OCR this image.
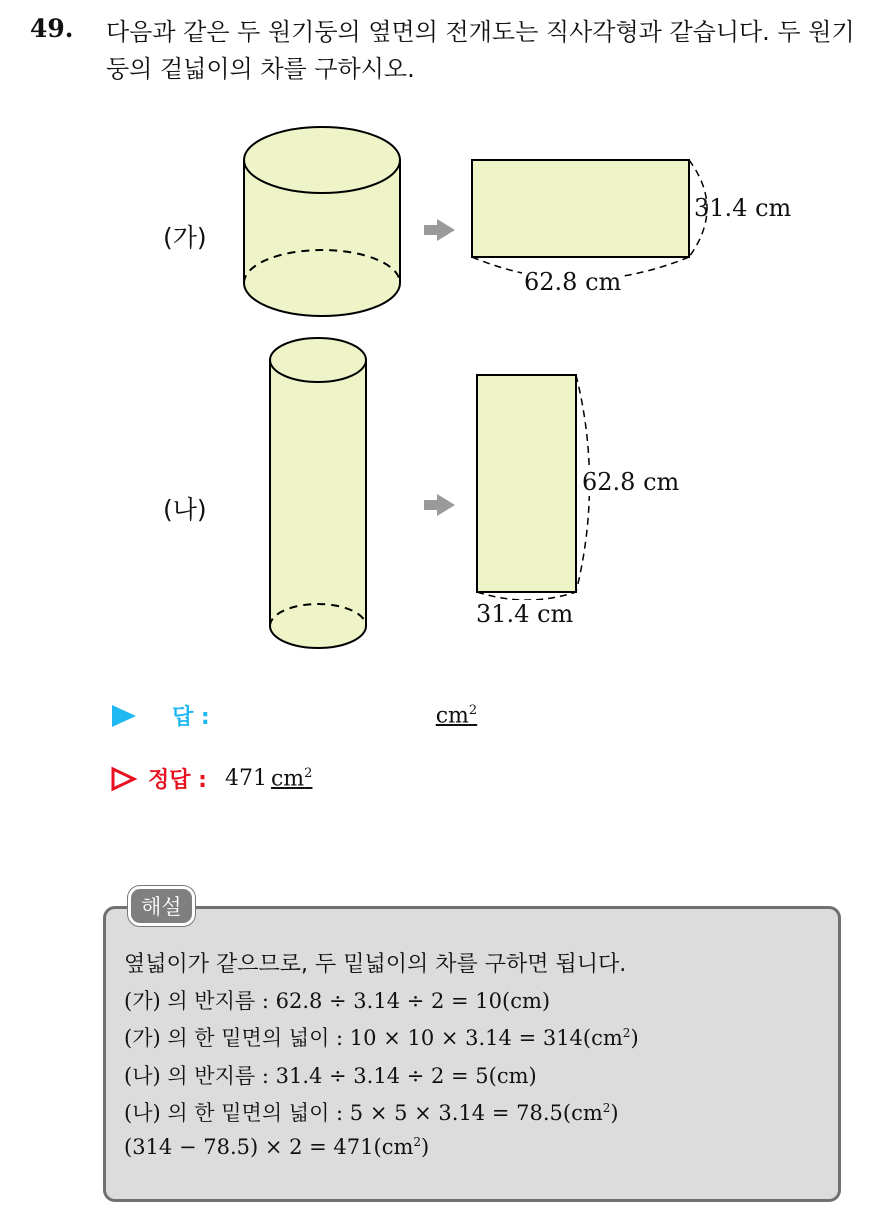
49. 다음과 같은 두 원기둥의 옆면의 전개도는 직사각형과 같습니다. 두 원기둥의 겉넓이의 차를 구하시오.
(가)
31.4 cm
62.8 cm
(나)
62.8 cm
31.4 cm
답 :	$cm^2$
정답 : 471 $cm^2$
해설
옆넓이가 같으므로, 두 밑넓이의 차를 구하면 됩니다.
(가) 의 반지름 : 62.8 ÷ 3.14 ÷ 2 = 10(cm)
(가) 의 한 밑면의 넓이 : $10 \times 10 \times 3.14 = 314(cm^2)$
(나) 의 반지름 : 31.4 ÷ 3.14 ÷ 2 = 5(cm)
(나) 의 한 밑면의 넓이 : $5 \times 5 \times 3.14 = 78.5(cm^2)$
$(314 - 78.5) \times 2 = 471(cm^2)$
